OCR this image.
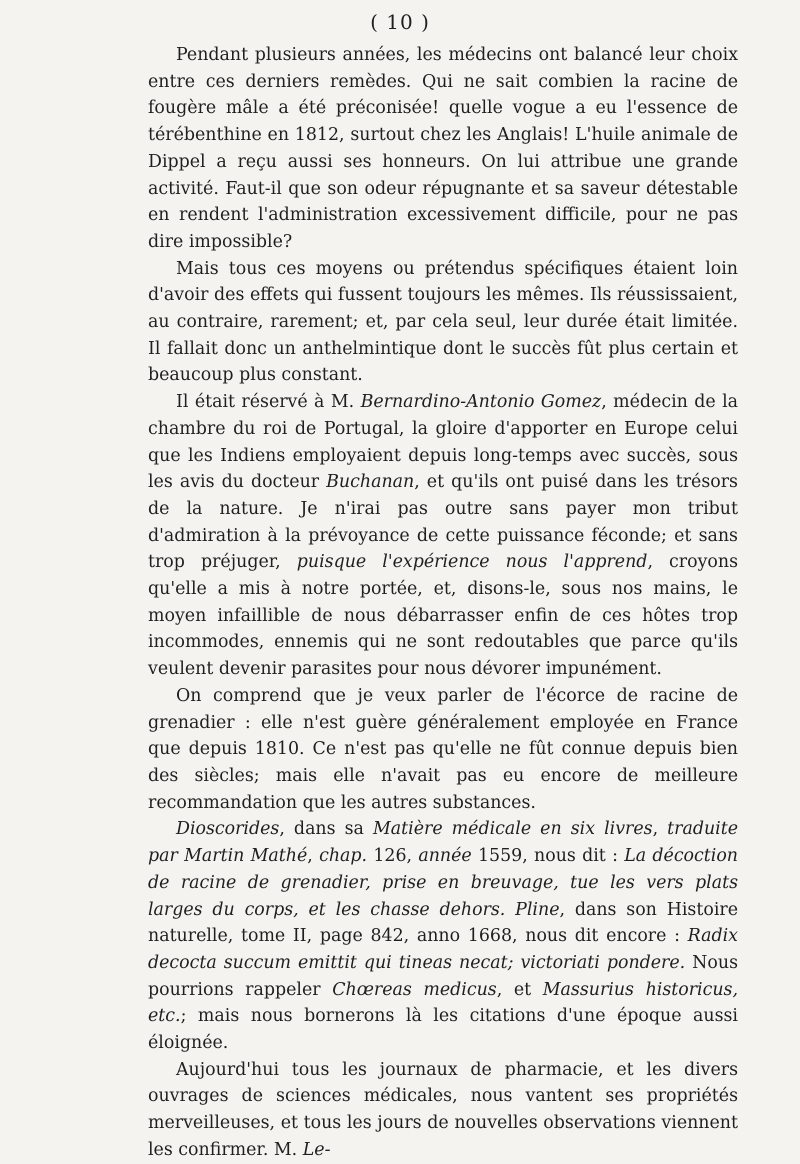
( 10 )

Pendant plusieurs années, les médecins ont balancé leur choix entre ces derniers remèdes. Qui ne sait combien la racine de fougère mâle a été préconisée! quelle vogue a eu l'essence de térébenthine en 1812, surtout chez les Anglais! L'huile animale de Dippel a reçu aussi ses honneurs. On lui attribue une grande activité. Faut-il que son odeur répugnante et sa saveur détestable en rendent l'administration excessivement difficile, pour ne pas dire impossible?

Mais tous ces moyens ou prétendus spécifiques étaient loin d'avoir des effets qui fussent toujours les mêmes. Ils réussissaient, au contraire, rarement; et, par cela seul, leur durée était limitée. Il fallait donc un anthelmintique dont le succès fût plus certain et beaucoup plus constant.

Il était réservé à M. Bernardino-Antonio Gomez, médecin de la chambre du roi de Portugal, la gloire d'apporter en Europe celui que les Indiens employaient depuis long-temps avec succès, sous les avis du docteur Buchanan, et qu'ils ont puisé dans les trésors de la nature. Je n'irai pas outre sans payer mon tribut d'admiration à la prévoyance de cette puissance féconde; et sans trop préjuger, puisque l'expérience nous l'apprend, croyons qu'elle a mis à notre portée, et, disons-le, sous nos mains, le moyen infaillible de nous débarrasser enfin de ces hôtes trop incommodes, ennemis qui ne sont redoutables que parce qu'ils veulent devenir parasites pour nous dévorer impunément.

On comprend que je veux parler de l'écorce de racine de grenadier : elle n'est guère généralement employée en France que depuis 1810. Ce n'est pas qu'elle ne fût connue depuis bien des siècles; mais elle n'avait pas eu encore de meilleure recommandation que les autres substances.

Dioscorides, dans sa Matière médicale en six livres, traduite par Martin Mathé, chap. 126, année 1559, nous dit : La décoction de racine de grenadier, prise en breuvage, tue les vers plats larges du corps, et les chasse dehors. Pline, dans son Histoire naturelle, tome II, page 842, anno 1668, nous dit encore : Radix decocta succum emittit qui tineas necat; victoriati pondere. Nous pourrions rappeler Chœreas medicus, et Massurius historicus, etc.; mais nous bornerons là les citations d'une époque aussi éloignée.

Aujourd'hui tous les journaux de pharmacie, et les divers ouvrages de sciences médicales, nous vantent ses propriétés merveilleuses, et tous les jours de nouvelles observations viennent les confirmer. M. Le-
